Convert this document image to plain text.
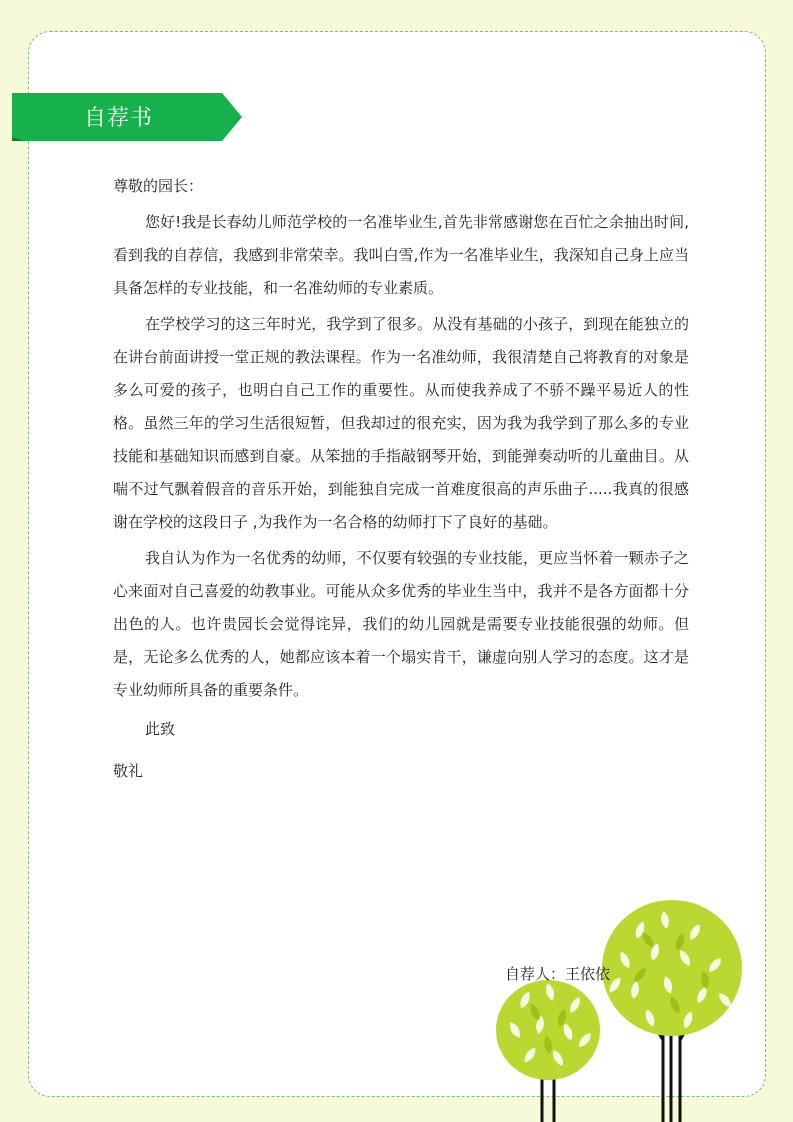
自荐书

尊敬的园长：

您好!我是长春幼儿师范学校的一名准毕业生,首先非常感谢您在百忙之余抽出时间,看到我的自荐信，我感到非常荣幸。我叫白雪,作为一名准毕业生，我深知自己身上应当具备怎样的专业技能，和一名准幼师的专业素质。

在学校学习的这三年时光，我学到了很多。从没有基础的小孩子，到现在能独立的在讲台前面讲授一堂正规的教法课程。作为一名准幼师，我很清楚自己将教育的对象是多么可爱的孩子，也明白自己工作的重要性。从而使我养成了不骄不躁平易近人的性格。虽然三年的学习生活很短暂，但我却过的很充实，因为我为我学到了那么多的专业技能和基础知识而感到自豪。从笨拙的手指敲钢琴开始，到能弹奏动听的儿童曲目。从喘不过气飘着假音的音乐开始，到能独自完成一首难度很高的声乐曲子.....我真的很感谢在学校的这段日子 ,为我作为一名合格的幼师打下了良好的基础。

我自认为作为一名优秀的幼师，不仅要有较强的专业技能，更应当怀着一颗赤子之心来面对自己喜爱的幼教事业。可能从众多优秀的毕业生当中，我并不是各方面都十分出色的人。也许贵园长会觉得诧异，我们的幼儿园就是需要专业技能很强的幼师。但是，无论多么优秀的人，她都应该本着一个塌实肯干，谦虚向别人学习的态度。这才是专业幼师所具备的重要条件。

此致

敬礼

自荐人：王依依
